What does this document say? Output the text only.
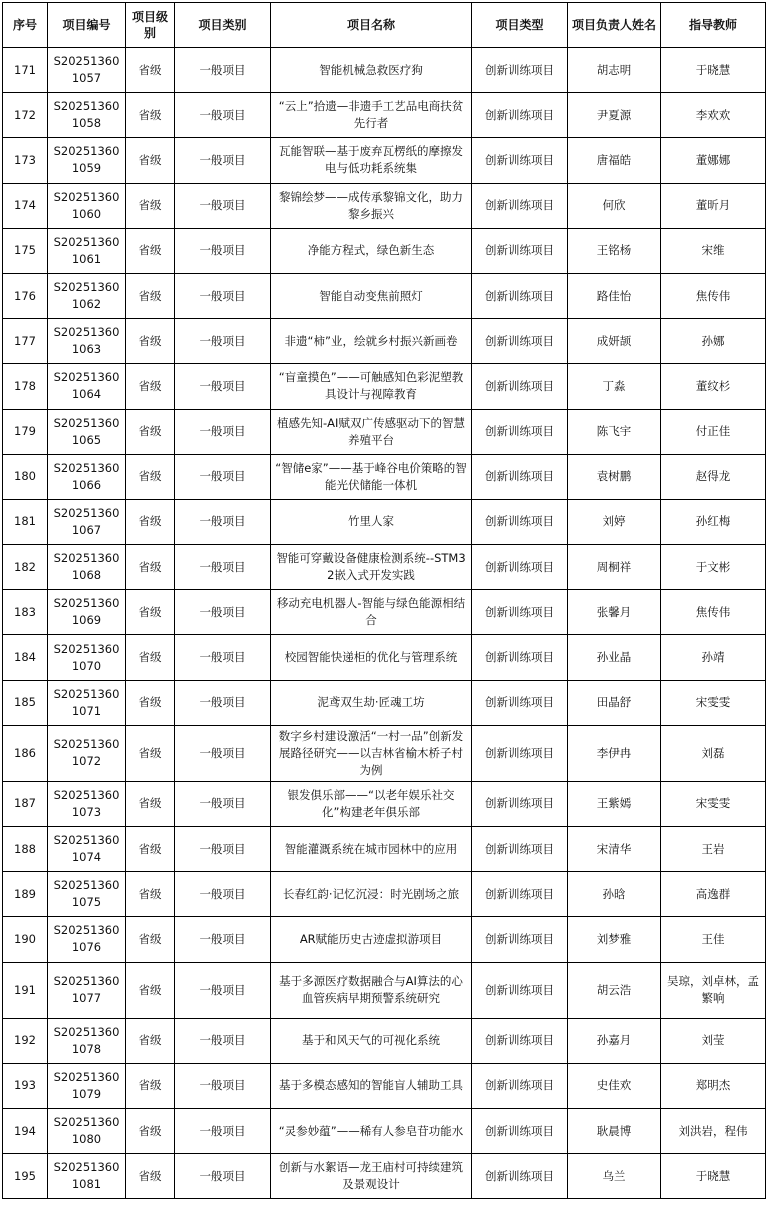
序号	项目编号	项目级别	项目类别	项目名称	项目类型	项目负责人姓名	指导教师
171	S202513601057	省级	一般项目	智能机械急救医疗狗	创新训练项目	胡志明	于晓慧
172	S202513601058	省级	一般项目	“云上”拾遗—非遗手工艺品电商扶贫先行者	创新训练项目	尹夏源	李欢欢
173	S202513601059	省级	一般项目	瓦能智联—基于废弃瓦楞纸的摩擦发电与低功耗系统集	创新训练项目	唐福皓	董娜娜
174	S202513601060	省级	一般项目	黎锦绘梦——成传承黎锦文化，助力黎乡振兴	创新训练项目	何欣	董昕月
175	S202513601061	省级	一般项目	净能方程式，绿色新生态	创新训练项目	王铭杨	宋维
176	S202513601062	省级	一般项目	智能自动变焦前照灯	创新训练项目	路佳怡	焦传伟
177	S202513601063	省级	一般项目	非遗“柿”业，绘就乡村振兴新画卷	创新训练项目	成妍颉	孙娜
178	S202513601064	省级	一般项目	“盲童摸色”——可触感知色彩泥塑教具设计与视障教育	创新训练项目	丁淼	董纹杉
179	S202513601065	省级	一般项目	植感先知-AI赋双广传感驱动下的智慧养殖平台	创新训练项目	陈飞宇	付正佳
180	S202513601066	省级	一般项目	“智储e家”——基于峰谷电价策略的智能光伏储能一体机	创新训练项目	袁树鹏	赵得龙
181	S202513601067	省级	一般项目	竹里人家	创新训练项目	刘婷	孙红梅
182	S202513601068	省级	一般项目	智能可穿戴设备健康检测系统--STM32嵌入式开发实践	创新训练项目	周桐祥	于文彬
183	S202513601069	省级	一般项目	移动充电机器人-智能与绿色能源相结合	创新训练项目	张馨月	焦传伟
184	S202513601070	省级	一般项目	校园智能快递柜的优化与管理系统	创新训练项目	孙业晶	孙靖
185	S202513601071	省级	一般项目	泥鸢双生劫·匠魂工坊	创新训练项目	田晶舒	宋雯雯
186	S202513601072	省级	一般项目	数字乡村建设激活“一村一品”创新发展路径研究——以吉林省榆木桥子村为例	创新训练项目	李伊冉	刘磊
187	S202513601073	省级	一般项目	银发俱乐部——“以老年娱乐社交化”构建老年俱乐部	创新训练项目	王紫嫣	宋雯雯
188	S202513601074	省级	一般项目	智能灌溉系统在城市园林中的应用	创新训练项目	宋清华	王岩
189	S202513601075	省级	一般项目	长春红韵·记忆沉浸：时光剧场之旅	创新训练项目	孙晗	高逸群
190	S202513601076	省级	一般项目	AR赋能历史古迹虚拟游项目	创新训练项目	刘梦雅	王佳
191	S202513601077	省级	一般项目	基于多源医疗数据融合与AI算法的心血管疾病早期预警系统研究	创新训练项目	胡云浩	吴琼，刘卓林，孟繁响
192	S202513601078	省级	一般项目	基于和风天气的可视化系统	创新训练项目	孙嘉月	刘莹
193	S202513601079	省级	一般项目	基于多模态感知的智能盲人辅助工具	创新训练项目	史佳欢	郑明杰
194	S202513601080	省级	一般项目	“灵参妙蕴”——稀有人参皂苷功能水	创新训练项目	耿晨博	刘洪岩，程伟
195	S202513601081	省级	一般项目	创新与水絮语—龙王庙村可持续建筑及景观设计	创新训练项目	乌兰	于晓慧
